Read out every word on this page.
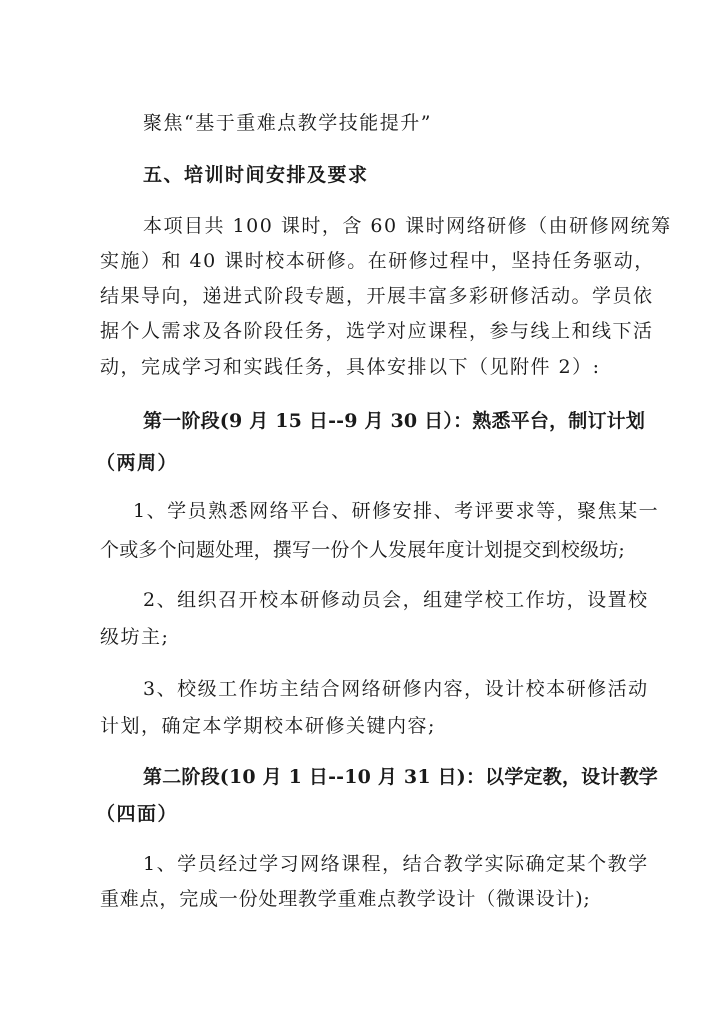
聚焦“基于重难点教学技能提升”
五、培训时间安排及要求
本项目共 100 课时，含 60 课时网络研修（由研修网统筹
实施）和 40 课时校本研修。在研修过程中，坚持任务驱动，
结果导向，递进式阶段专题，开展丰富多彩研修活动。学员依
据个人需求及各阶段任务，选学对应课程，参与线上和线下活
动，完成学习和实践任务，具体安排以下（见附件 2）:
第一阶段(9 月 15 日--9 月 30 日）：熟悉平台，制订计划
（两周）
1、学员熟悉网络平台、研修安排、考评要求等，聚焦某一
个或多个问题处理，撰写一份个人发展年度计划提交到校级坊;
2、组织召开校本研修动员会，组建学校工作坊，设置校
级坊主;
3、校级工作坊主结合网络研修内容，设计校本研修活动
计划，确定本学期校本研修关键内容;
第二阶段(10 月 1 日--10 月 31 日)：以学定教，设计教学
（四面）
1、学员经过学习网络课程，结合教学实际确定某个教学
重难点，完成一份处理教学重难点教学设计（微课设计);
